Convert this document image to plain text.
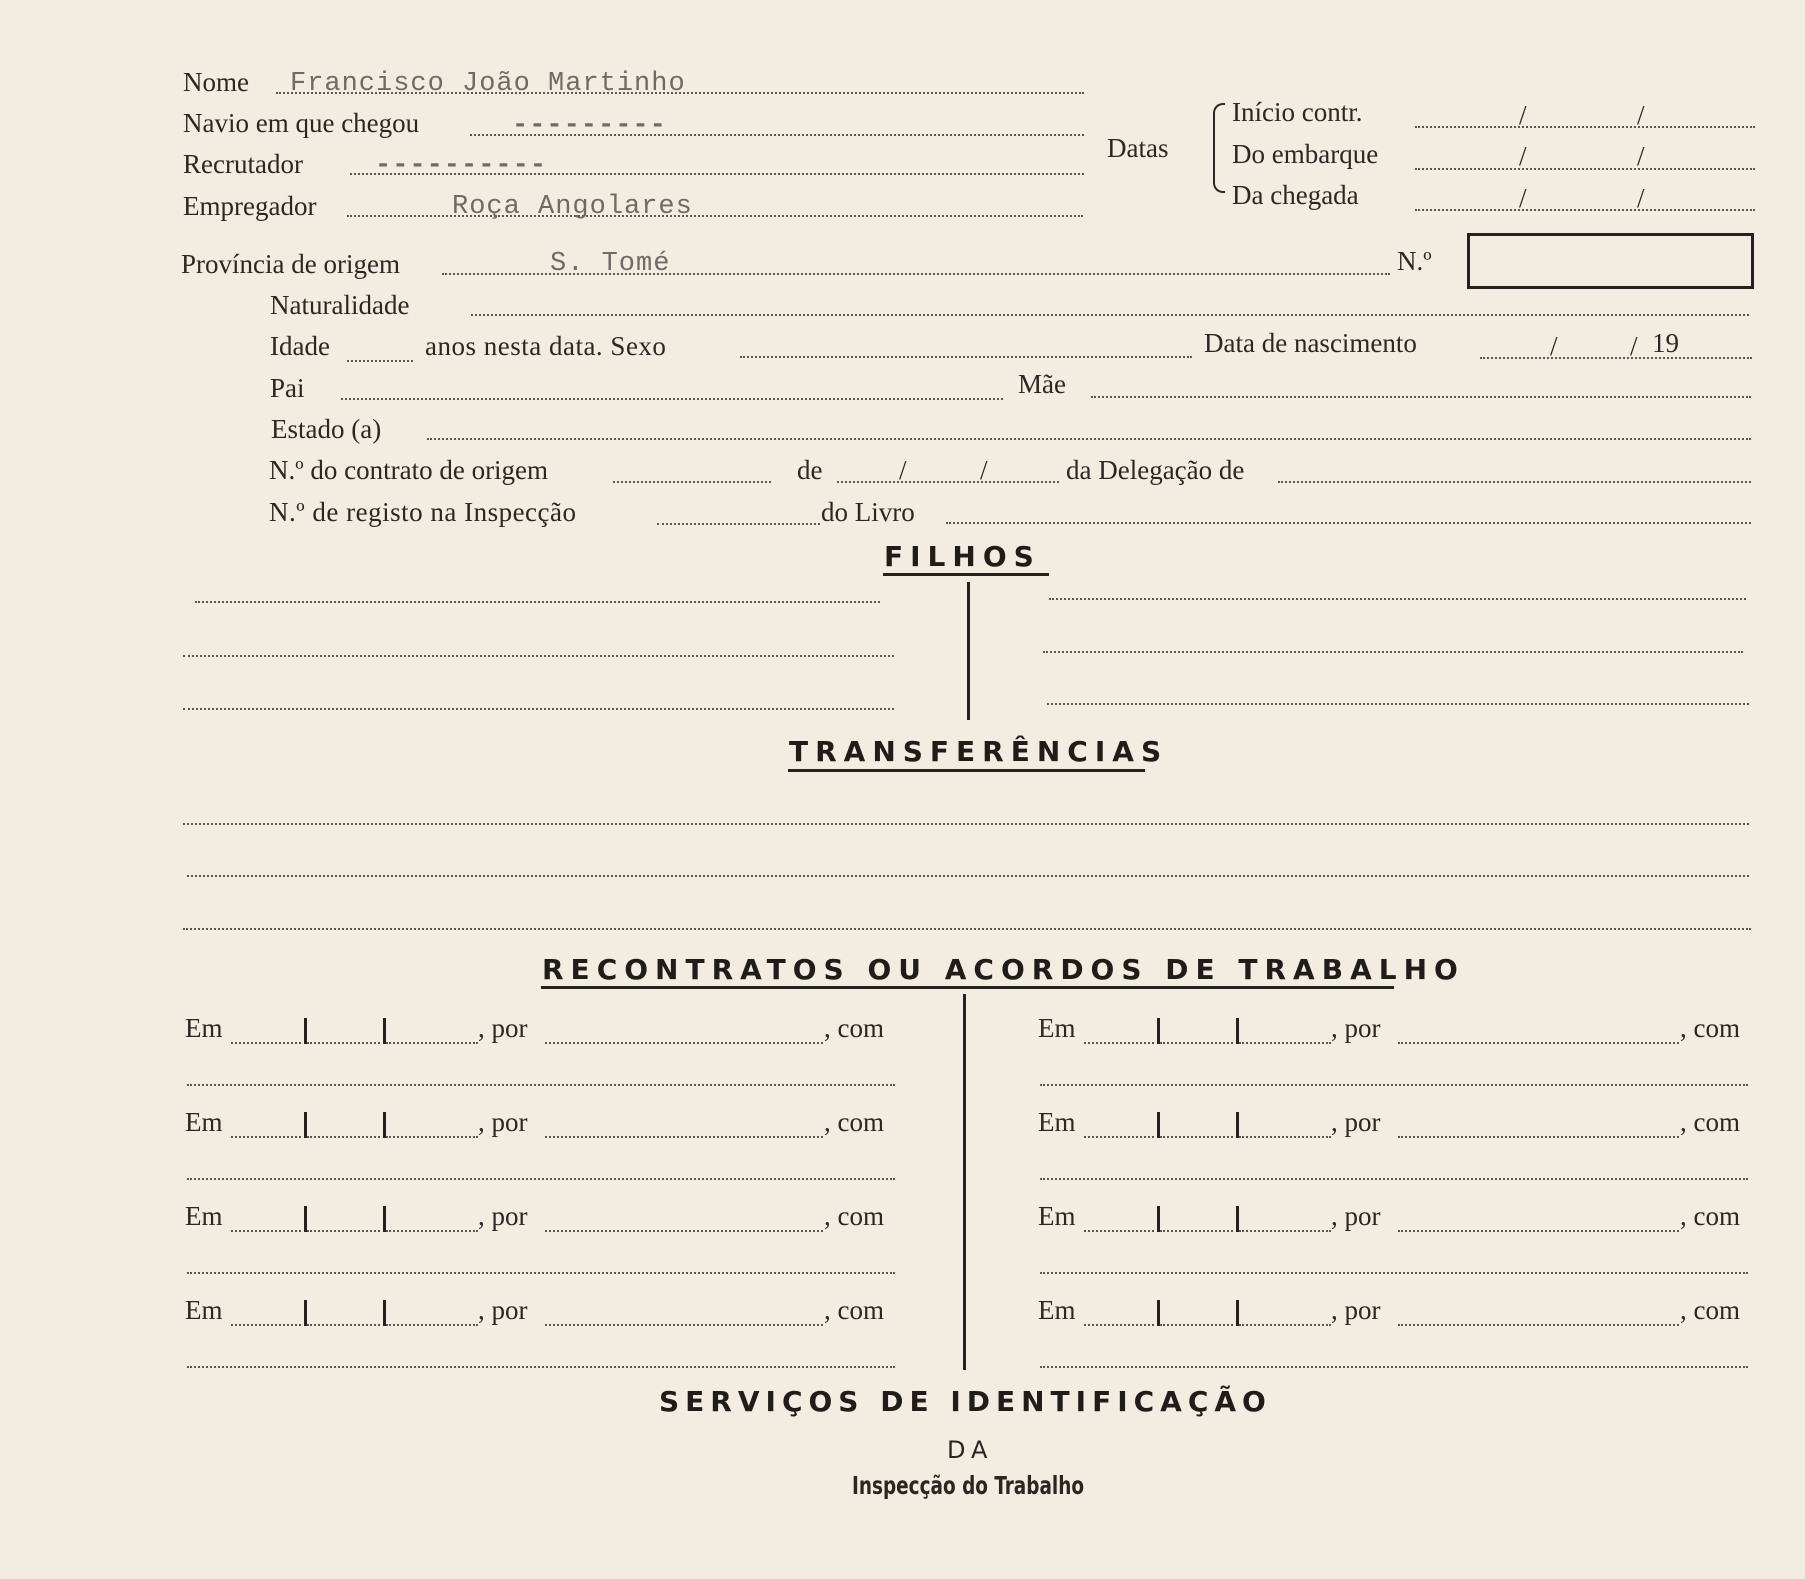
Nome Francisco João Martinho
Navio em que chegou	---------
Recrutador	----------
Empregador	Roça Angolares
Datas
Início contr.	/	/
Do embarque	/	/
Da chegada	/	/
Província de origem	S. Tomé	N.º
Naturalidade
Idade	anos nesta data. Sexo	Data de nascimento	/	/ 19
Pai	Mãe
Estado (a)
N.º do contrato de origem	de	/	/	da Delegação de
N.º de registo na Inspecção	do Livro
FILHOS
TRANSFERÊNCIAS
RECONTRATOS OU ACORDOS DE TRABALHO
Em	, por	, com	Em	, por	, com
Em	, por	, com	Em	, por	, com
Em	, por	, com	Em	, por	, com
Em	, por	, com	Em	, por	, com
SERVIÇOS DE IDENTIFICAÇÃO
DA
Inspecção do Trabalho
